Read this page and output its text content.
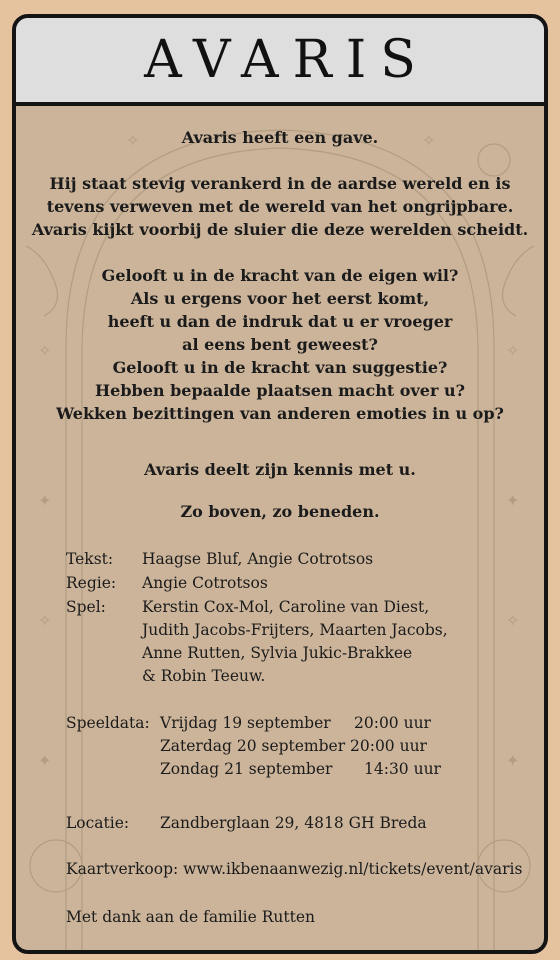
AVARIS
✧	✧
✦	✦
✧	✧
✦	✦
✧
✧	Avaris heeft een gave.
Hij staat stevig verankerd in de aardse wereld en is
tevens verweven met de wereld van het ongrijpbare.
Avaris kijkt voorbij de sluier die deze werelden scheidt.
Gelooft u in de kracht van de eigen wil?
Als u ergens voor het eerst komt,
heeft u dan de indruk dat u er vroeger
al eens bent geweest?
Gelooft u in de kracht van suggestie?
Hebben bepaalde plaatsen macht over u?
Wekken bezittingen van anderen emoties in u op?
Avaris deelt zijn kennis met u.
Zo boven, zo beneden.
Tekst: Haagse Bluf, Angie Cotrotsos
Regie: Angie Cotrotsos
Spel: Kerstin Cox-Mol, Caroline van Diest,
Judith Jacobs-Frijters, Maarten Jacobs,
Anne Rutten, Sylvia Jukic-Brakkee
& Robin Teeuw.
Speeldata: Vrijdag 19 september 20:00 uur
Zaterdag 20 september 20:00 uur
Zondag 21 september 14:30 uur
Locatie: Zandberglaan 29, 4818 GH Breda
Kaartverkoop: www.ikbenaanwezig.nl/tickets/event/avaris
Met dank aan de familie Rutten
